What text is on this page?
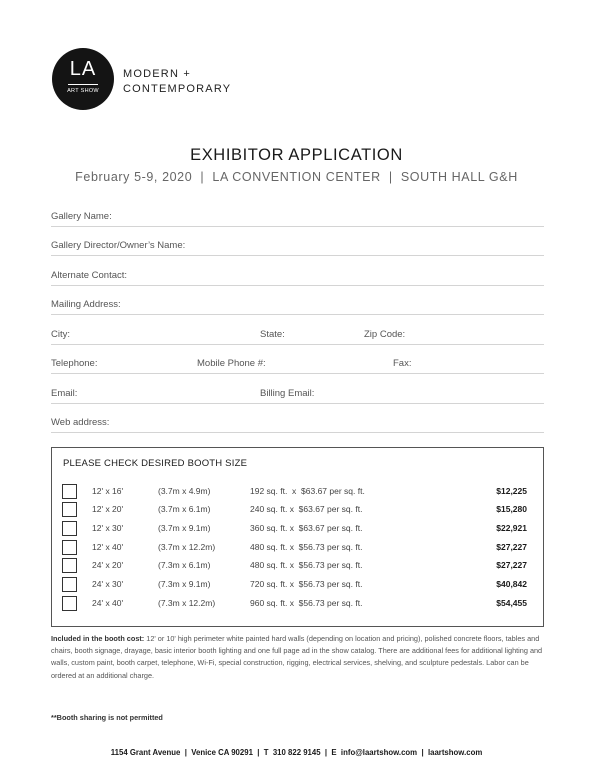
LA
ART SHOW
MODERN +
CONTEMPORARY
EXHIBITOR APPLICATION
February 5-9, 2020  |  LA CONVENTION CENTER  |  SOUTH HALL G&H
Gallery Name:
Gallery Director/Owner’s Name:
Alternate Contact:
Mailing Address:
City:	State:	Zip Code:
Telephone:	Mobile Phone #:	Fax:
Email:	Billing Email:
Web address:
PLEASE CHECK DESIRED BOOTH SIZE
12' x 16'	(3.7m x 4.9m)	192 sq. ft.  x  $63.67 per sq. ft.	$12,225
12' x 20'	(3.7m x 6.1m)	240 sq. ft. x  $63.67 per sq. ft.	$15,280
12' x 30'	(3.7m x 9.1m)	360 sq. ft. x  $63.67 per sq. ft.	$22,921
12' x 40'	(3.7m x 12.2m)	480 sq. ft. x  $56.73 per sq. ft.	$27,227
24' x 20'	(7.3m x 6.1m)	480 sq. ft. x  $56.73 per sq. ft.	$27,227
24' x 30'	(7.3m x 9.1m)	720 sq. ft. x  $56.73 per sq. ft.	$40,842
24' x 40'	(7.3m x 12.2m)	960 sq. ft. x  $56.73 per sq. ft.	$54,455
Included in the booth cost: 12' or 10' high perimeter white painted hard walls (depending on location and pricing), polished concrete floors, tables and chairs, booth signage, drayage, basic interior booth lighting and one full page ad in the show catalog. There are additional fees for additional lighting and walls, custom paint, booth carpet, telephone, Wi-Fi, special construction, rigging, electrical services, shelving, and sculpture pedestals. Labor can be ordered at an additional charge.
**Booth sharing is not permitted
1154 Grant Avenue  |  Venice CA 90291  |  T  310 822 9145  |  E  info@laartshow.com  |  laartshow.com
